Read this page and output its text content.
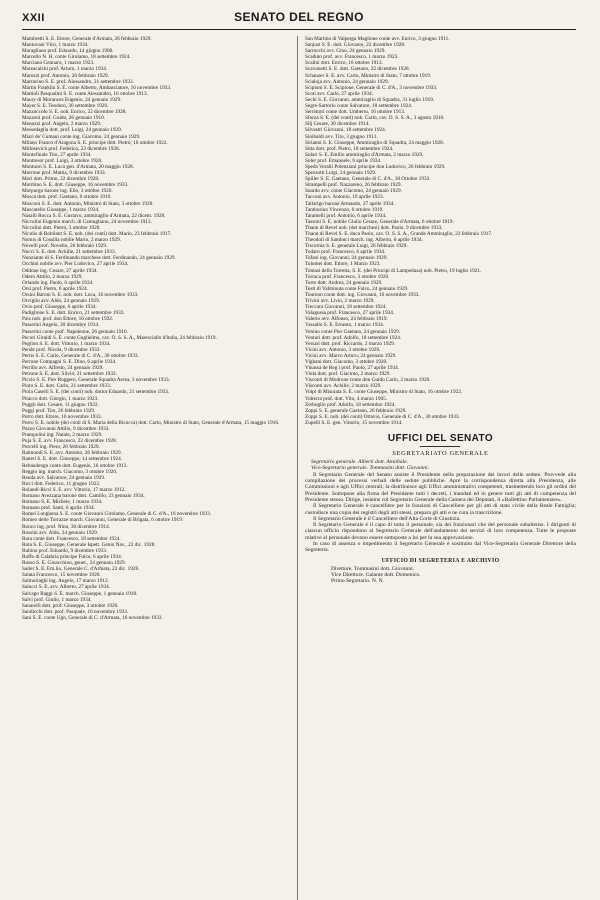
XXII	SENATO DEL REGNO
Mambretti S. E. Ettore, Generale d'Armata, 26 febbraio 1929.
Mantovani Vico, 1 marzo 1934.
Maragliano prof. Edoardo, 14 giugno 1900.
Marcello N. H. conte Girolamo, 18 settembre 1924.
Marciano Gennaro, 1 marzo 1923.
Mareacalchi prof. Arturo, 1 marzo 1934.
Marozzi prof. Antonio, 26 febbraio 1929.
Marracino S. E. prof. Alessandro, 21 settembre 1933.
Martin Franklin S. E. conte Alberto, Ambasciatore, 16 novembre 1933.
Mattioli Pasqualini S. E. conte Alessandro, 16 ottobre 1913.
Maury di Morancez Eugenio, 24 gennaio 1929.
Mayer S. E. Teodoro, 30 settembre 1920.
Mazzoccolo S. E. nob. Enrico, 22 dicembre 1928.
Mazzoni prof. Guido, 26 gennaio 1910.
Menozzi prof. Angelo, 2 marzo 1929.
Messedaglia dott. prof. Luigi, 24 gennaio 1929.
Miari de' Cumani conte ing. Giacomo, 24 gennaio 1929.
Milano Franco d'Aragona S. E. principe dott. Pietro, 16 ottobre 1922.
Millosevich prof. Federico, 22 dicembre 1928.
Montefinale Tito, 27 aprile 1934.
Montresor prof. Luigi, 3 ottobre 1920.
Montuori S. E. Luca gen. d'Armata, 20 maggio 1928.
Morrone prof. Mattia, 9 dicembre 1933.
Mori dott. Primo, 22 dicembre 1928.
Mormino S. E. dott. Giuseppe, 16 novembre 1933.
Morpurgo barone ing. Elio, 3 ottobre 1920.
Mosca dott. prof. Gaetano, 6 ottobre 1919.
Mosconi S. E. dott. Antonio, Ministro di Stato, 3 ottobre 1920.
Muscatello Giuseppe, 1 marzo 1934.
Nasalli Rocca S. E. Gustavo, ammiraglio d'Armata, 22 dicem. 1928.
Niccolini Eugenio march. di Camugliano, 24 novembre 1913.
Niccolini dott. Pietro, 3 ottobre 1920.
Nicolis di Robilant S. E. nob. (dei conti) dott. Mario, 23 febbraio 1917.
Nomis di Cossilla nobile Mario, 2 marzo 1929.
Novelli prof. Novello, 26 febbraio 1929.
Nucci S. E. dott. Achille, 21 settembre 1933.
Nunziante di S. Ferdinando marchese dott. Ferdinando, 24 gennaio 1929.
Occhini nobile avv. Pier Ludovico, 27 aprile 1934.
Oddone ing. Cesare, 27 aprile 1934.
Odero Attilio, 2 marzo 1929.
Orlando ing. Paolo, 6 aprile 1934.
Orsi prof. Pietro, 6 aprile 1924.
Orsini Baroni S. E. nob. dott. Luca, 16 novembre 1933.
Orviglio avv. Aldo, 24 gennaio 1929.
Ovio prof. Giuseppe, 6 aprile 1934.
Padiglione S. E. dott. Enrico, 21 settembre 1933.
Pais nob. prof. don Ettore, 16 ottobre 1922.
Passerini Angelo, 30 dicembre 1914.
Passerini conte prof. Napoleone, 26 gennaio 1910.
Pecori Giraldi S. E. conte Guglielmo, cav. O. S. S. A., Maresciallo d'Italia, 24 febbraio 1919.
Peglion S. E. dott. Vittorio, 1 marzo 1934.
Pende prof. Nicola, 9 dicembre 1933.
Perris S. E. Carlo, Generale di C. d'A., 30 ottobre 1933.
Perrone Compagni S. E. Dino, 6 aprile 1934.
Petrillo avv. Alfredo, 24 gennaio 1929.
Petrone S. E. dott. Silvio, 21 settembre 1933.
Piccio S. E. Pier Ruggero, Generale Squadra Aerea, 3 novembre 1933.
Pinto S. E. dott. Carlo, 21 settembre 1933.
Piola Caselli S. E. (dei conti) nob. dottor Eduardo, 21 settembre 1933.
Pitacco dott. Giorgio, 1 marzo 1923.
Pogglı dott. Cesare, 11 giugno 1922.
Poggi prof. Tito, 26 febbraio 1929.
Porro dott. Ettore, 16 novembre 1933.
Porro S. E. nobile (dei conti di S. Maria della Bicocca) dott. Carlo, Ministro di Stato, Generale d'Armata, 15 maggio 1916.
Pozzo Giovanni Attilio, 9 dicembre 1933.
Prampolini ing. Natale, 2 marzo 1929.
Puja S. E. avv. Francesco, 22 dicembre 1928.
Purcelli ing. Piero, 26 febbraio 1929.
Raimondi S. E. avv. Antonio, 26 febbraio 1929.
Raneri S. E. dott. Giuseppe, 14 settembre 1924.
Rebaudengo conte dott. Eugenio, 16 ottobre 1913.
Reggio ing. march. Giacomo, 3 ottobre 1920.
Renda avv. Salvatore, 24 gennaio 1929.
Ricci dott. Federico, 11 giugno 1922.
Rolandi-Ricci S. E. avv. Vittorio, 17 marzo 1912.
Romano Avezzana barone dott. Camillo, 23 gennaio 1934.
Romano S. E. Michele, 1 marzo 1934.
Romano prof. Santi, 6 aprile 1934.
Romei Longhena S. E. conte Giovanni Girolamo, Generale di C. d'A., 16 novembre 1933.
Romeo delle Torrazze march. Giovanni, Generale di Brigata, 6 ottobre 1919.
Ronco ing. prof. Nino, 30 dicembre 1914.
Rossini avv. Aldo, 24 gennaio 1929.
Rota conte dott. Francesco, 18 settembre 1924.
Rota S. E. Giuseppe, Generale Ispett. Genio Nav., 22 dic. 1928.
Rubino prof. Edoardo, 9 dicembre 1933.
Ruffo di Calabria principe Fulco, 6 aprile 1934.
Russo S. E. Gioacchino, gener., 24 gennaio 1929.
Sailer S. E. Em.lio, Generale C. d'Armata, 22 dic. 1928.
Salata Francesco, 15 novembre 1920.
Salmoiraghi ing. Angelo, 17 marzo 1912.
Salucci S. E. avv. Alberto, 27 aprile 1934.
Salvago Raggi S. E. march. Giuseppe, 1 gennaio 1918.
Salvi prof. Giulio, 1 marzo 1934.
Sanarelli dott. prof. Giuseppe, 3 ottobre 1920.
Sandicchi dott. prof. Pasquale, 16 novembre 1933.
Sani S. E. conte Ugo, Generale di C. d'Armata, 16 novembre 1933.
San Martino di Valperga Maglione conte avv. Enrico, 3 giugno 1911.
Sanjust S. E. dott. Giovanni, 22 dicembre 1928.
Sarrocchi avv. Gino, 24 gennaio 1929.
Scaduto prof. avv. Francesco, 1 marzo 1923.
Scalini dott. Enrico, 16 ottobre 1913.
Scavonetti S. E. dott. Gaetano, 22 dicembre 1928.
Schanzer S. E. avv. Carlo, Ministro di Stato, 7 ottobre 1919.
Scialoja avv. Antonio, 24 gennaio 1929.
Scipioni S. E. Scipione, Generale di C. d'A., 3 novembre 1933.
Scoti avv. Carlo, 27 aprile 1934.
Sechi S. E. Giovanni, ammiraglio di Squadra, 31 luglio 1919.
Segre-Sartorio conte Salvatore, 18 settembre 1924.
Serristori conte dott. Umberto, 16 ottobre 1913.
Sforza S. E. (dei conti) nob. Carlo, cav. O. S. S. A., 3 agosto 1916.
Silj Cesare, 30 dicembre 1914.
Silvestri Giovanni, 18 settembre 1924.
Sinibaldi avv. Tito, 3 giugno 1911.
Sirianni S. E. Giuseppe, Ammiraglio di Squadra, 24 maggio 1928.
Sitta dott. prof. Pietro, 18 settembre 1924.
Solari S. E. Emilio ammiraglio d'Armata, 2 marzo 1929.
Soler prof. Emanuele, 6 aprile 1934.
Speda Veralli Potenziani principe don Ludovico, 26 febbraio 1929.
Spezzotti Luigi, 24 gennaio 1929.
Spiller S. E. Gaetano, Generale di C. d'A., 30 Ottobre 1933.
Strampelli prof. Nazzareno, 26 febbraio 1929.
Suardo avv. conte Giacomo, 24 gennaio 1929.
Tacconi avv. Antonio, 19 aprile 1923.
Tallarigo barone Armando, 27 aprile 1934.
Tamborino Vincenzo, 6 ottobre 1919.
Taramelli prof. Antonio, 6 aprile 1934.
Tassoni S. E. nobile Giulio Cesare, Generale d'Armata, 6 ottobre 1919.
Thaon di Revel nob. (dei marchesi) dott. Paolo, 9 dicembre 1933.
Thaon di Revel S. E. duca Paolo, cav. O. S. S. A., Grande Ammiraglio, 23 febbraio 1917.
Theodoli di Sambuci march. ing. Alberto, 6 aprile 1934.
Tiscornia S. E. generale Luigi, 26 febbraio 1929.
Todaro prof. Francesco, 6 aprile 1934.
Tofani ing. Giovanni, 24 gennaio 1929.
Tolomei dott. Ettore, 1 Marzo 1923.
Tomasi della Torretta, S. E. (dei Principi di Lampedusa) nob. Pietro, 19 luglio 1921.
Torraca prof. Francesco, 3 ottobre 1920.
Torre dott. Andrea, 24 gennaio 1929.
Tosti di Valminuta conte Fulco, 24 gennaio 1929.
Tournon conte dott. ing. Giovanni, 16 novembre 1933.
Trivini avv. Livio, 2 marzo 1929.
Treccani Giovanni, 18 settembre 1924.
Valagussa prof. Francesco, 27 aprile 1934.
Valerio avv. Alfonso, 24 febbraio 1919.
Vassallo S. E. Ernesto, 1 marzo 1934.
Venino conte Pier Gaetano, 24 gennaio 1929.
Venturi dott. prof. Adolfo, 18 settembre 1924.
Versari dott. prof. Riccardo, 2 marzo 1929.
Vicini avv. Antonio, 3 ottobre 1920.
Vicini avv. Marco Arturo, 24 gennaio 1929.
Vighani dott. Giacomo, 3 ottobre 1920.
Vinassa de Reg i prof. Paolo, 27 aprile 1934.
Viola dott. prof. Giacinto, 2 marzo 1929.
Visconti di Modrone conte don Guido Carlo, 2 marzo 1920.
Visconti avv. Achille, 2 marzo 1929.
Volpi di Misurata S. E. conte Giuseppe, Ministro di Stato, 16 ottobre 1922.
Volterra prof. dott. Vito, 4 marzo 1905.
Zerboglio prof. Adolfo, 18 settembre 1924.
Zoppi S. E. generale Gaetano, 26 febbraio 1929.
Zoppi S. E. nob. (dei conti) Ottavio, Generale di C. d'A., 30 ottobre 1933.
Zupelli S. E. gen. Vittorio, 15 novembre 1914.
UFFICI DEL SENATO
SEGRETARIATO GENERALE
Segretario generale. Alberti dott. Annibale.
Vice-Segretario generale. Tommasini dott. Giovanni.
Il Segretario Generale del Senato assiste il Presidente nella preparazione dei lavori delle sedute. Provvede alla compilazione dei processi verbali delle sedute pubbliche. Apre la corrispondenza diretta alla Presidenza, alle Commissioni e agli Uffici centrali; la distribuisce agli Uffici amministrativi competenti, trasmettendo loro gli ordini del Presidente. Sottopone alla firma del Presidente tutti i decreti, i mandati ed in genere tutti gli atti di competenza del Presidente stesso. Dirige, insieme col Segretario Generale della Camera dei Deputati, il «Bollettino Parlamentare».
Il Segretario Generale è cancelliere per le funzioni di Cancelliere per gli atti di stato civile della Reale Famiglia; custodisce una copia dei registri degli atti stessi, prepara gli atti e ne cura la trascrizione.
Il Segretario Generale è il Cancelliere dell'Alta Corte di Giustizia.
Il Segretario Generale è il capo di tutto il personale, sia dei funzionari che del personale subalterno. I dirigenti di ciascun ufficio rispondono al Segretario Generale dell'andamento dei servizi di loro competenza. Tutte le proposte relative al personale devono essere sottoposte a lui per la sua approvazione.
In caso di assenza o impedimento il Segretario Generale è sostituito dal Vice-Segretario Generale Direttore della Segreteria.
UFFICIO DI SEGRETERIA E ARCHIVIO
Direttore. Tommasini dott. Giovanni.
Vice Direttore. Galante dott. Domenico.
Primo Segretario. N. N.
